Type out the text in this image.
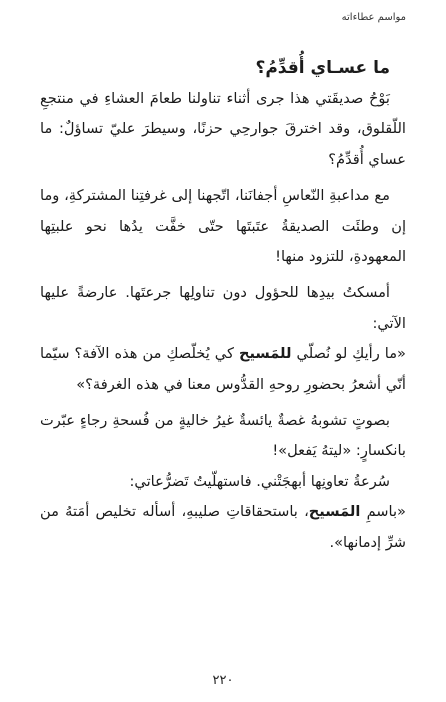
مواسم عطاءاته

ما عسـاي أُقدِّمُ؟

بَوْحُ صديقَتي هذا جرى أثناء تناولنا طعامَ العشاءِ في منتجعِ اللّقلوق، وقد اخترقَ جوارحِي حزنًا، وسيطرَ عليّ تساؤلٌ: ما عساي أُقدِّمُ؟

مع مداعبةِ النّعاسِ أجفانَنا، اتّجهنا إلى غرفتِنا المشتركةِ، وما إن وطئَت الصديقةُ عتَبتَها حتّى خفَّت يدُها نحو علبتِها المعهودةِ، للتزود منها!

أمسكتُ بيدِها للحؤول دون تناولِها جرعتَها. عارضةً عليها الآتي:

«ما رأيكِ لو نُصلّي للمَسيح كي يُخلّصكِ من هذه الآفة؟ سيّما أنّي أشعرُ بحضورِ روحهِ القدُّوس معنا في هذه الغرفة؟»

بصوتٍ تشوبهُ غصةٌ يائسةٌ غيرُ خاليةٍ من فُسحةِ رجاءٍ عبّرت بانكسارٍ: «ليتهُ يَفعل»!

سُرعةُ تعاونِها أبهجَتْني. فاستهلّيتُ تَضرُّعاتي:

«باسمِ المَسيح، باستحقاقاتِ صليبهِ، أسأله تخليص أمَتهُ من شرِّ إدمانها».

٢٢٠
